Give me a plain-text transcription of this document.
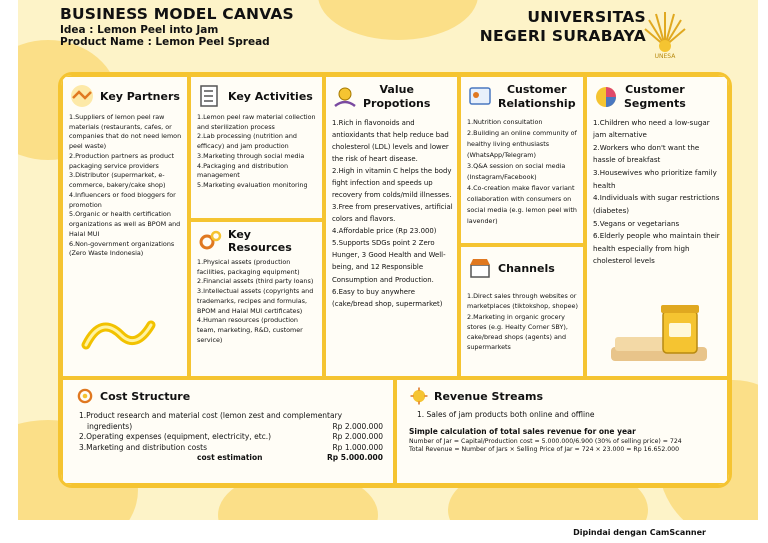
BUSINESS MODEL CANVAS
Idea : Lemon Peel into Jam
Product Name : Lemon Peel Spread
UNIVERSITAS
NEGERI SURABAYA
UNESA
Key Partners
1.Suppliers of lemon peel raw materials (restaurants, cafes, or companies that do not need lemon peel waste)
2.Production partners as product packaging service providers
3.Distributor (supermarket, e-commerce, bakery/cake shop)
4.Influencers or food bloggers for promotion
5.Organic or health certification organizations as well as BPOM and Halal MUI
6.Non-government organizations (Zero Waste Indonesia)
Key Activities
1.Lemon peel raw material collection and sterilization process
2.Lab processing (nutrition and efficacy) and jam production
3.Marketing through social media
4.Packaging and distribution management
5.Marketing evaluation monitoring
Key Resources
1.Physical assets (production facilities, packaging equipment)
2.Financial assets (third party loans)
3.Intellectual assets (copyrights and trademarks, recipes and formulas, BPOM and Halal MUI certificates)
4.Human resources (production team, marketing, R&D, customer service)
Value
Propotions
1.Rich in flavonoids and antioxidants that help reduce bad cholesterol (LDL) levels and lower the risk of heart disease.
2.High in vitamin C helps the body fight infection and speeds up recovery from colds/mild illnesses.
3.Free from preservatives, artificial colors and flavors.
4.Affordable price (Rp 23.000)
5.Supports SDGs point 2 Zero Hunger, 3 Good Health and Well-being, and 12 Responsible Consumption and Production.
6.Easy to buy anywhere (cake/bread shop, supermarket)
Customer
Relationship
1.Nutrition consultation
2.Building an online community of healthy living enthusiasts (WhatsApp/Telegram)
3.Q&A session on social media (Instagram/Facebook)
4.Co-creation make flavor variant collaboration with consumers on social media (e.g. lemon peel with lavender)
Channels
1.Direct sales through websites or marketplaces (tiktokshop, shopee)
2.Marketing in organic grocery stores (e.g. Healty Corner SBY), cake/bread shops (agents) and supermarkets
Customer
Segments
1.Children who need a low-sugar jam alternative
2.Workers who don't want the hassle of breakfast
3.Housewives who prioritize family health
4.Individuals with sugar restrictions (diabetes)
5.Vegans or vegetarians
6.Elderly people who maintain their health especially from high cholesterol levels
Cost Structure
1.Product research and material cost (lemon zest and complementary
ingredients)	Rp 2.000.000
2.Operating expenses (equipment, electricity, etc.)	Rp 2.000.000
3.Marketing and distribution costs	Rp 1.000.000
cost estimation	Rp 5.000.000
Revenue Streams
1. Sales of jam products both online and offline
Simple calculation of total sales revenue for one year
Number of Jar = Capital/Production cost = 5.000.000/6.900 (30% of selling price) = 724
Total Revenue = Number of Jars × Selling Price of Jar = 724 × 23.000 = Rp 16.652.000
Dipindai dengan CamScanner
